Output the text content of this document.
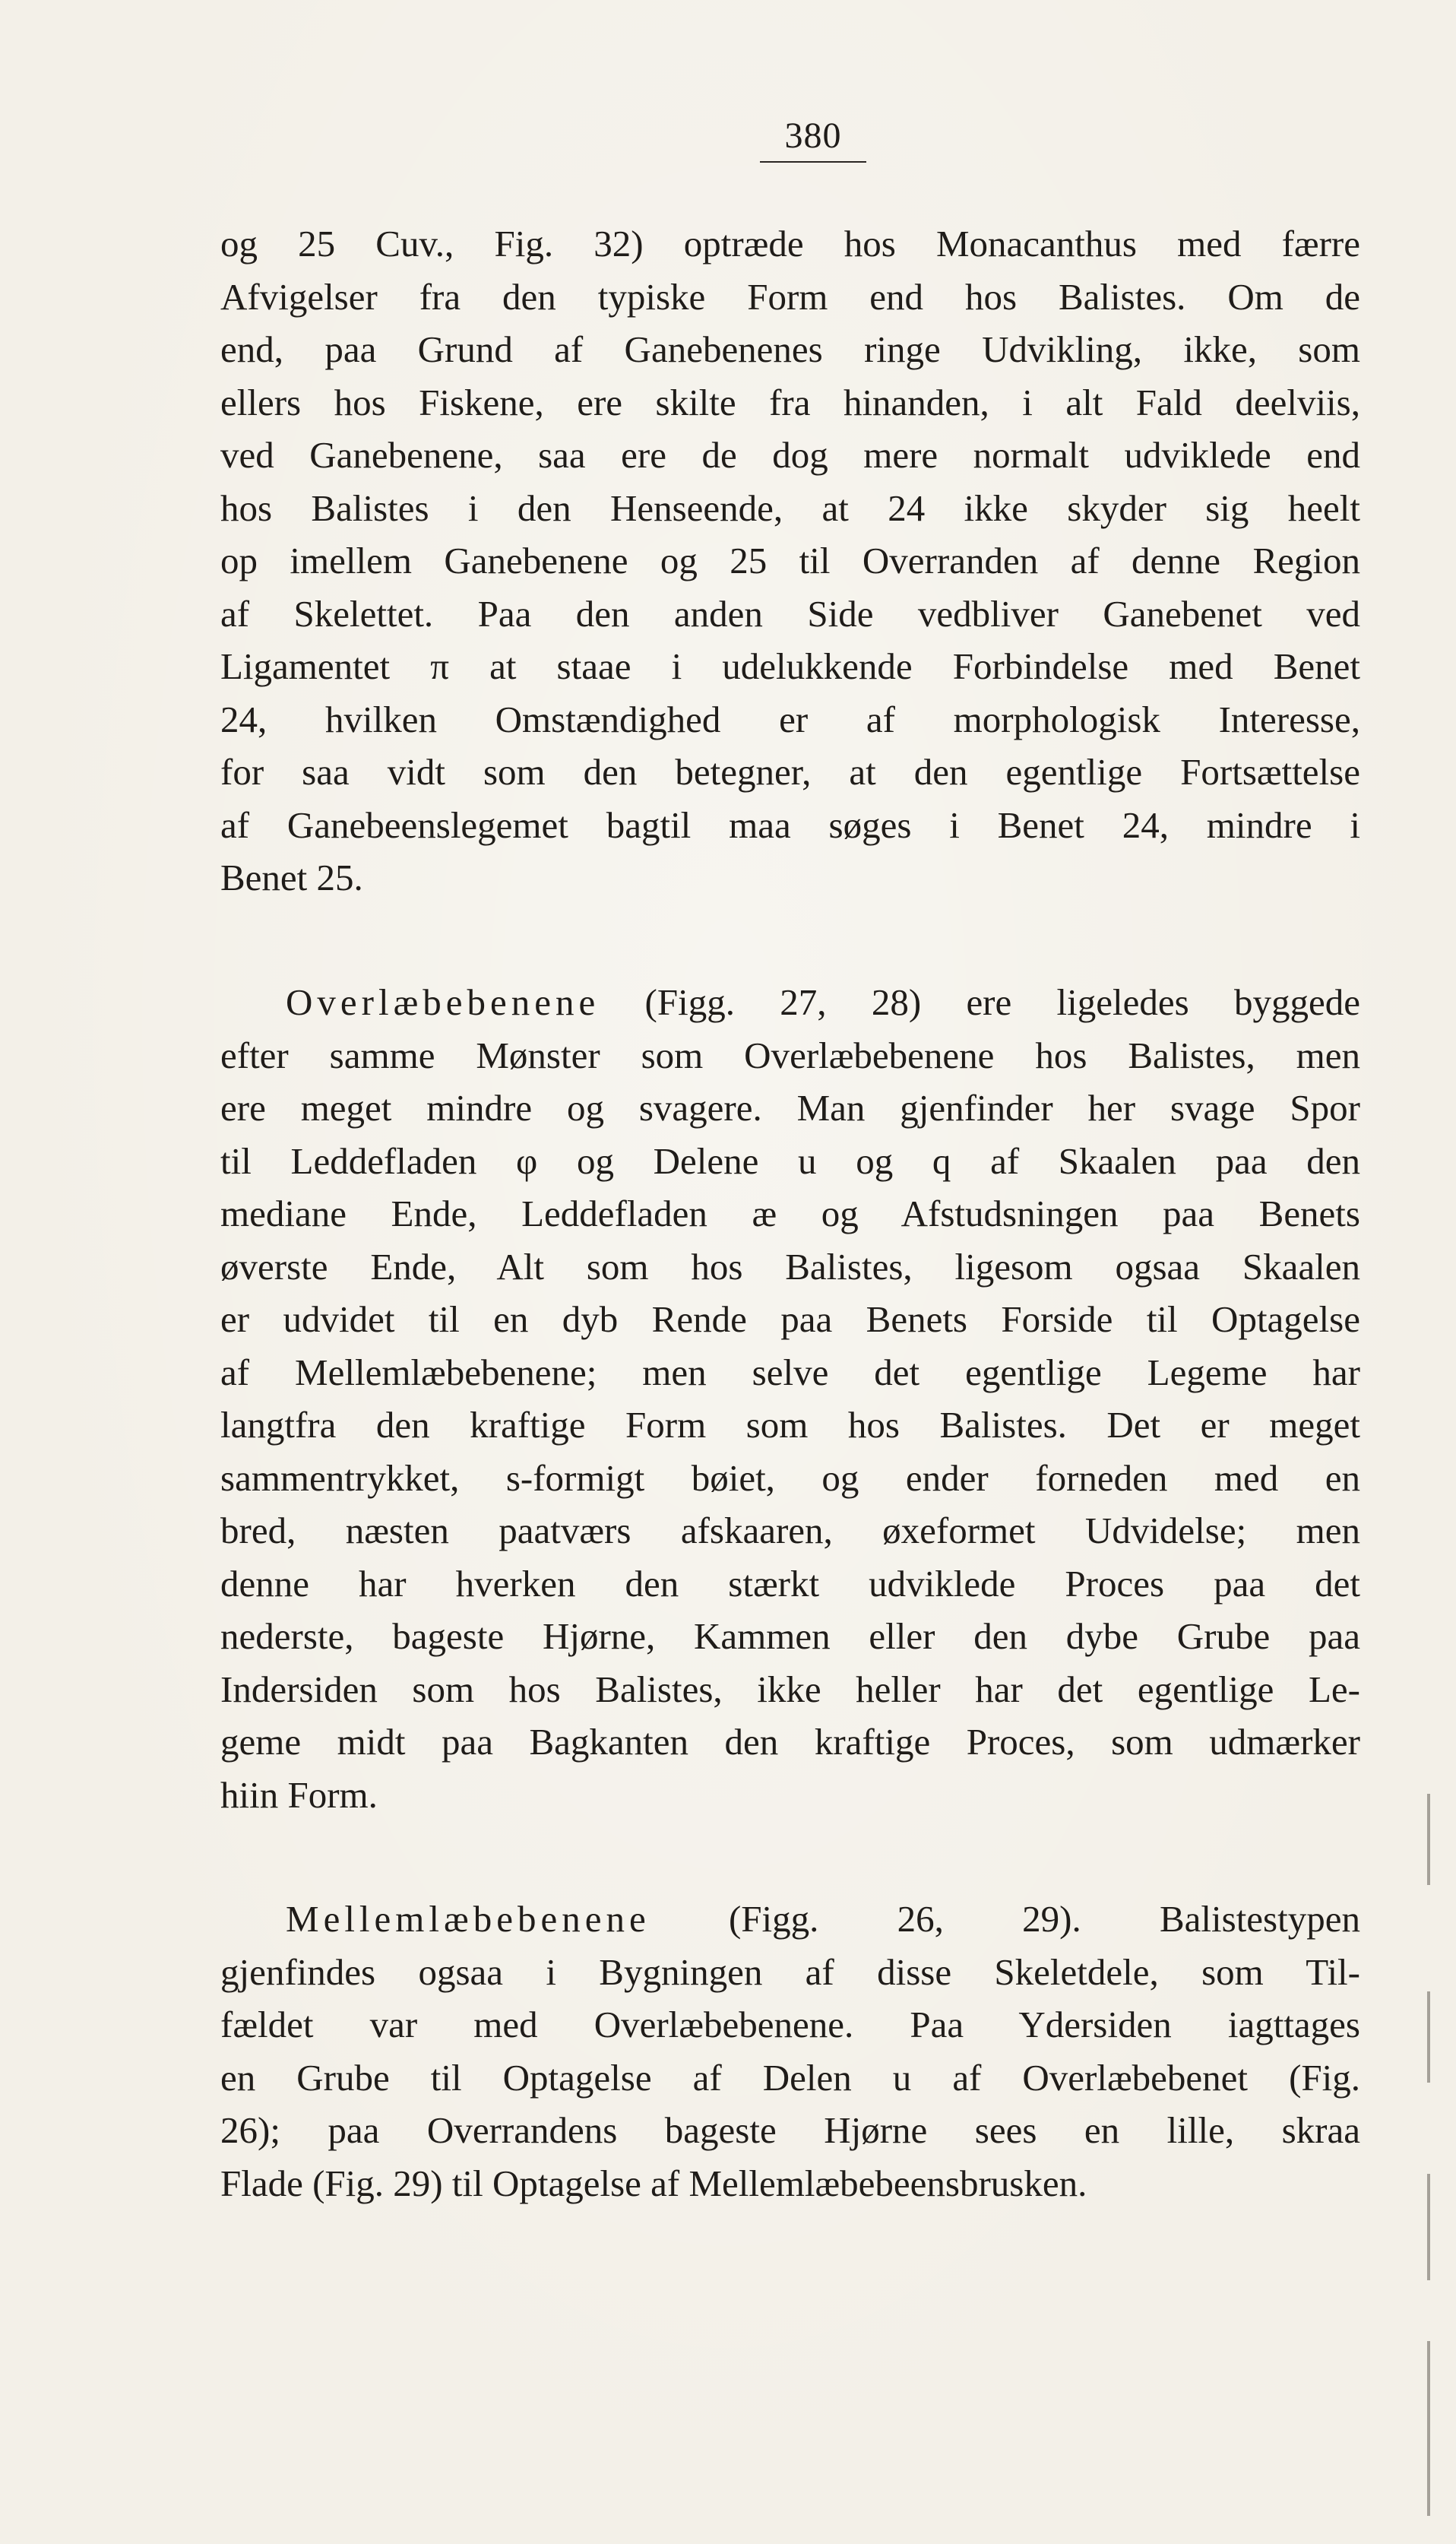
380
og 25 Cuv., Fig. 32) optræde hos Monacanthus med færre
Afvigelser fra den typiske Form end hos Balistes. Om de
end, paa Grund af Ganebenenes ringe Udvikling, ikke, som
ellers hos Fiskene, ere skilte fra hinanden, i alt Fald deelviis,
ved Ganebenene, saa ere de dog mere normalt udviklede end
hos Balistes i den Henseende, at 24 ikke skyder sig heelt
op imellem Ganebenene og 25 til Overranden af denne Region
af Skelettet. Paa den anden Side vedbliver Ganebenet ved
Ligamentet π at staae i udelukkende Forbindelse med Benet
24, hvilken Omstændighed er af morphologisk Interesse,
for saa vidt som den betegner, at den egentlige Fortsættelse
af Ganebeenslegemet bagtil maa søges i Benet 24, mindre i
Benet 25.
Overlæbebenene (Figg. 27, 28) ere ligeledes byggede
efter samme Mønster som Overlæbebenene hos Balistes, men
ere meget mindre og svagere. Man gjenfinder her svage Spor
til Leddefladen φ og Delene u og q af Skaalen paa den
mediane Ende, Leddefladen æ og Afstudsningen paa Benets
øverste Ende, Alt som hos Balistes, ligesom ogsaa Skaalen
er udvidet til en dyb Rende paa Benets Forside til Optagelse
af Mellemlæbebenene; men selve det egentlige Legeme har
langtfra den kraftige Form som hos Balistes. Det er meget
sammentrykket, s-formigt bøiet, og ender forneden med en
bred, næsten paatværs afskaaren, øxeformet Udvidelse; men
denne har hverken den stærkt udviklede Proces paa det
nederste, bageste Hjørne, Kammen eller den dybe Grube paa
Indersiden som hos Balistes, ikke heller har det egentlige Le-
geme midt paa Bagkanten den kraftige Proces, som udmærker
hiin Form.
Mellemlæbebenene (Figg. 26, 29). Balistestypen
gjenfindes ogsaa i Bygningen af disse Skeletdele, som Til-
fældet var med Overlæbebenene. Paa Ydersiden iagttages
en Grube til Optagelse af Delen u af Overlæbebenet (Fig.
26); paa Overrandens bageste Hjørne sees en lille, skraa
Flade (Fig. 29) til Optagelse af Mellemlæbebeensbrusken.
